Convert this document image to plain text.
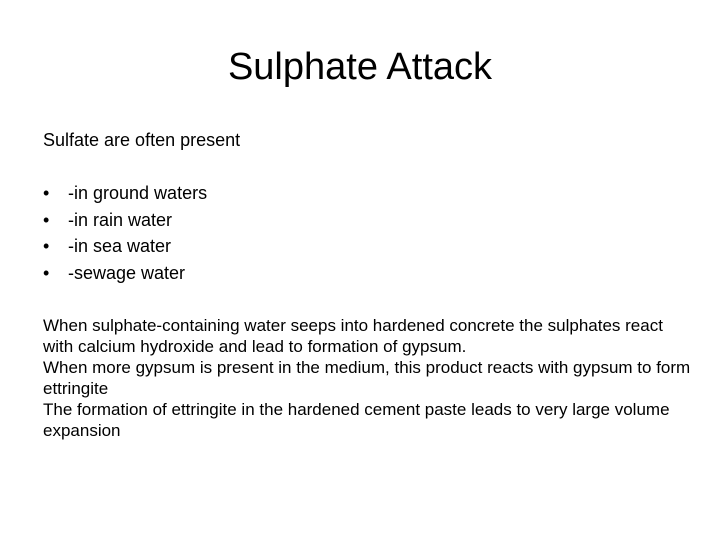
Sulphate Attack

Sulfate are often present

•	-in ground waters
•	-in rain water
•	-in sea water
•	-sewage water
When sulphate-containing water seeps into hardened concrete the sulphates react with calcium hydroxide and lead to formation of gypsum.
When more gypsum is present in the medium, this product reacts with gypsum to form ettringite
The formation of ettringite in the hardened cement paste leads to very large volume expansion
